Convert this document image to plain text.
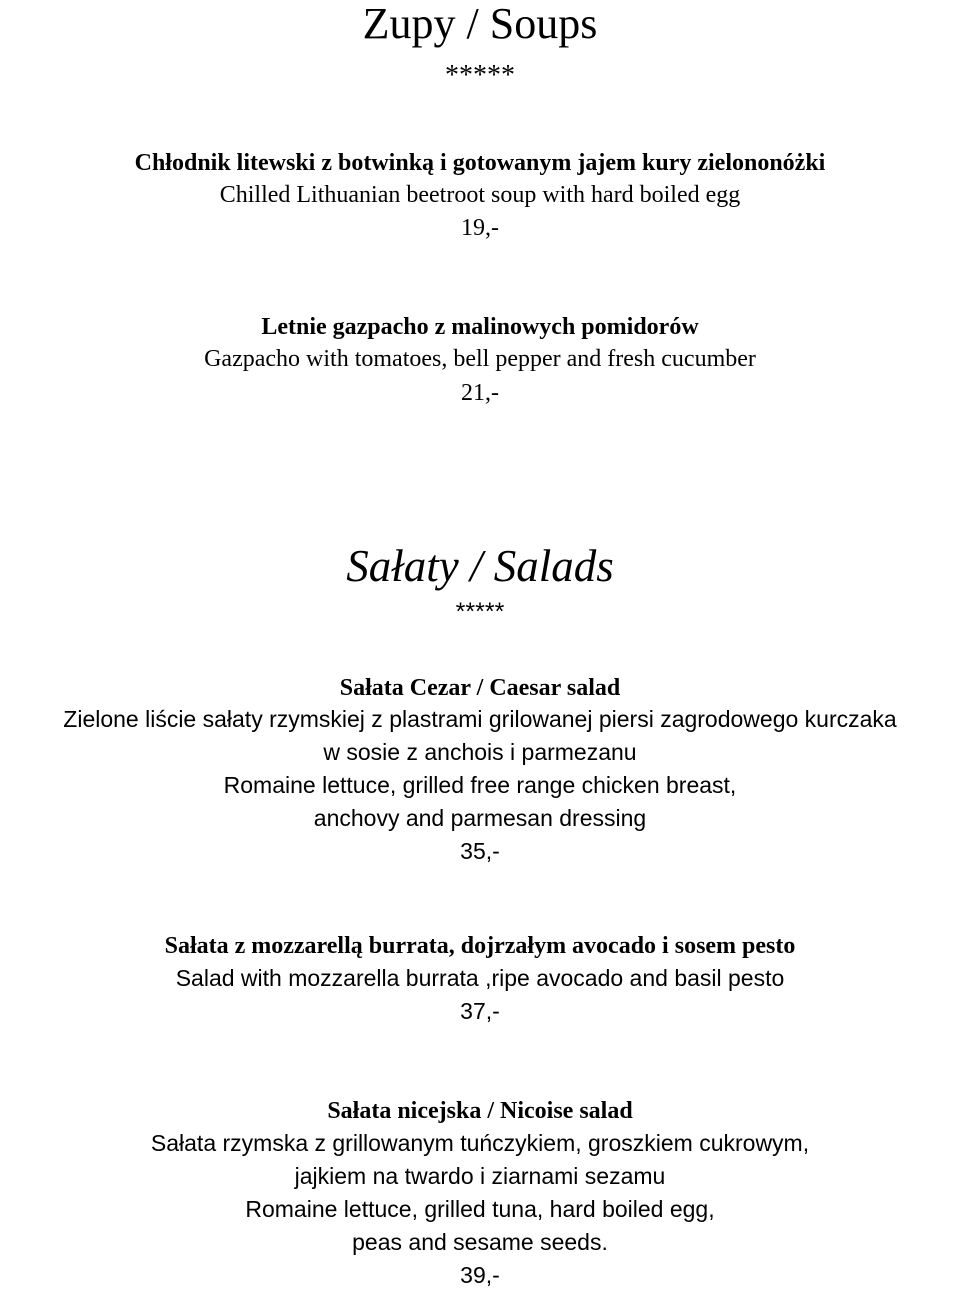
Zupy / Soups
*****
Chłodnik litewski z botwinką i gotowanym jajem kury zielononóżki
Chilled Lithuanian beetroot soup with hard boiled egg
19,-
Letnie gazpacho z malinowych pomidorów
Gazpacho with tomatoes, bell pepper and fresh cucumber
21,-
Sałaty / Salads
*****
Sałata Cezar / Caesar salad
Zielone liście sałaty rzymskiej z plastrami grilowanej piersi zagrodowego kurczaka
w sosie z anchois i parmezanu
Romaine lettuce, grilled free range chicken breast,
anchovy and parmesan dressing
35,-
Sałata z mozzarellą burrata, dojrzałym avocado i sosem pesto
Salad with mozzarella burrata ,ripe avocado and basil pesto
37,-
Sałata nicejska / Nicoise salad
Sałata rzymska z grillowanym tuńczykiem, groszkiem cukrowym,
jajkiem na twardo i ziarnami sezamu
Romaine lettuce, grilled tuna, hard boiled egg,
peas and sesame seeds.
39,-
